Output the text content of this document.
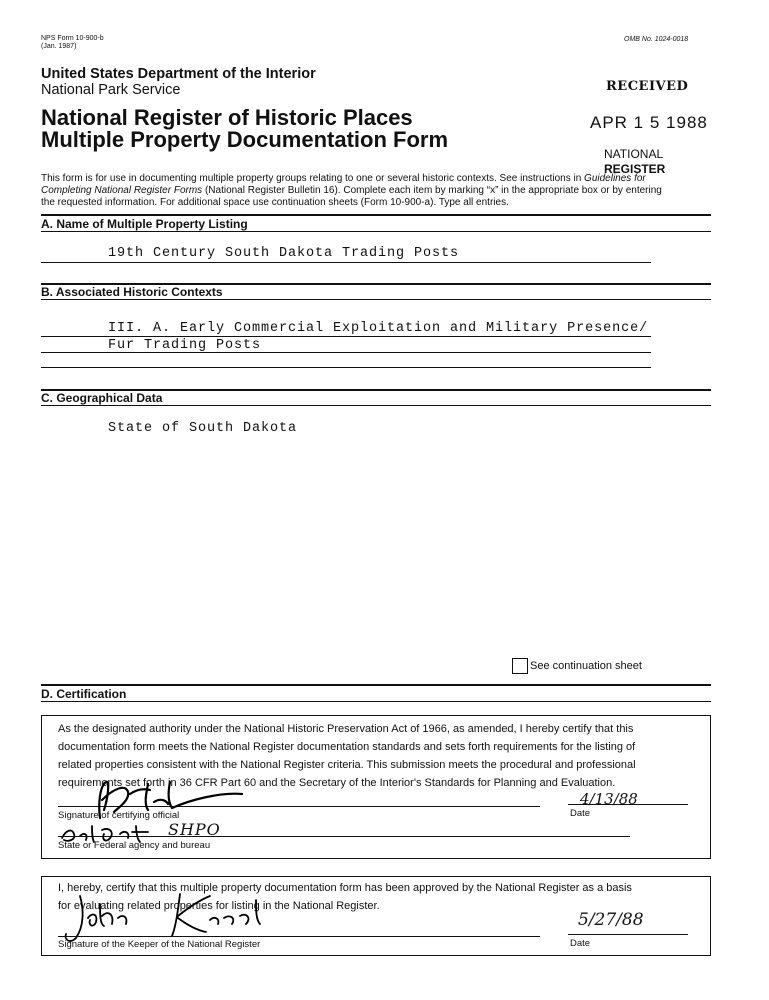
NPS Form 10-900-b
(Jan. 1987)
OMB No. 1024-0018
United States Department of the Interior
National Park Service
National Register of Historic Places
Multiple Property Documentation Form
RECEIVED
APR 1 5 1988
NATIONAL
REGISTER
This form is for use in documenting multiple property groups relating to one or several historic contexts. See instructions in Guidelines for
Completing National Register Forms (National Register Bulletin 16). Complete each item by marking “x” in the appropriate box or by entering
the requested information. For additional space use continuation sheets (Form 10-900-a). Type all entries.
A. Name of Multiple Property Listing
19th Century South Dakota Trading Posts
B. Associated Historic Contexts
III. A. Early Commercial Exploitation and Military Presence/
Fur Trading Posts
C. Geographical Data
State of South Dakota
See continuation sheet
D. Certification
As the designated authority under the National Historic Preservation Act of 1966, as amended, I hereby certify that this
documentation form meets the National Register documentation standards and sets forth requirements for the listing of
related properties consistent with the National Register criteria. This submission meets the procedural and professional
requirements set forth in 36 CFR Part 60 and the Secretary of the Interior's Standards for Planning and Evaluation.
Signature of certifying official	Date
4/13/88
SHPO
State or Federal agency and bureau
I, hereby, certify that this multiple property documentation form has been approved by the National Register as a basis
for evaluating related properties for listing in the National Register.
Signature of the Keeper of the National Register	Date
5/27/88
